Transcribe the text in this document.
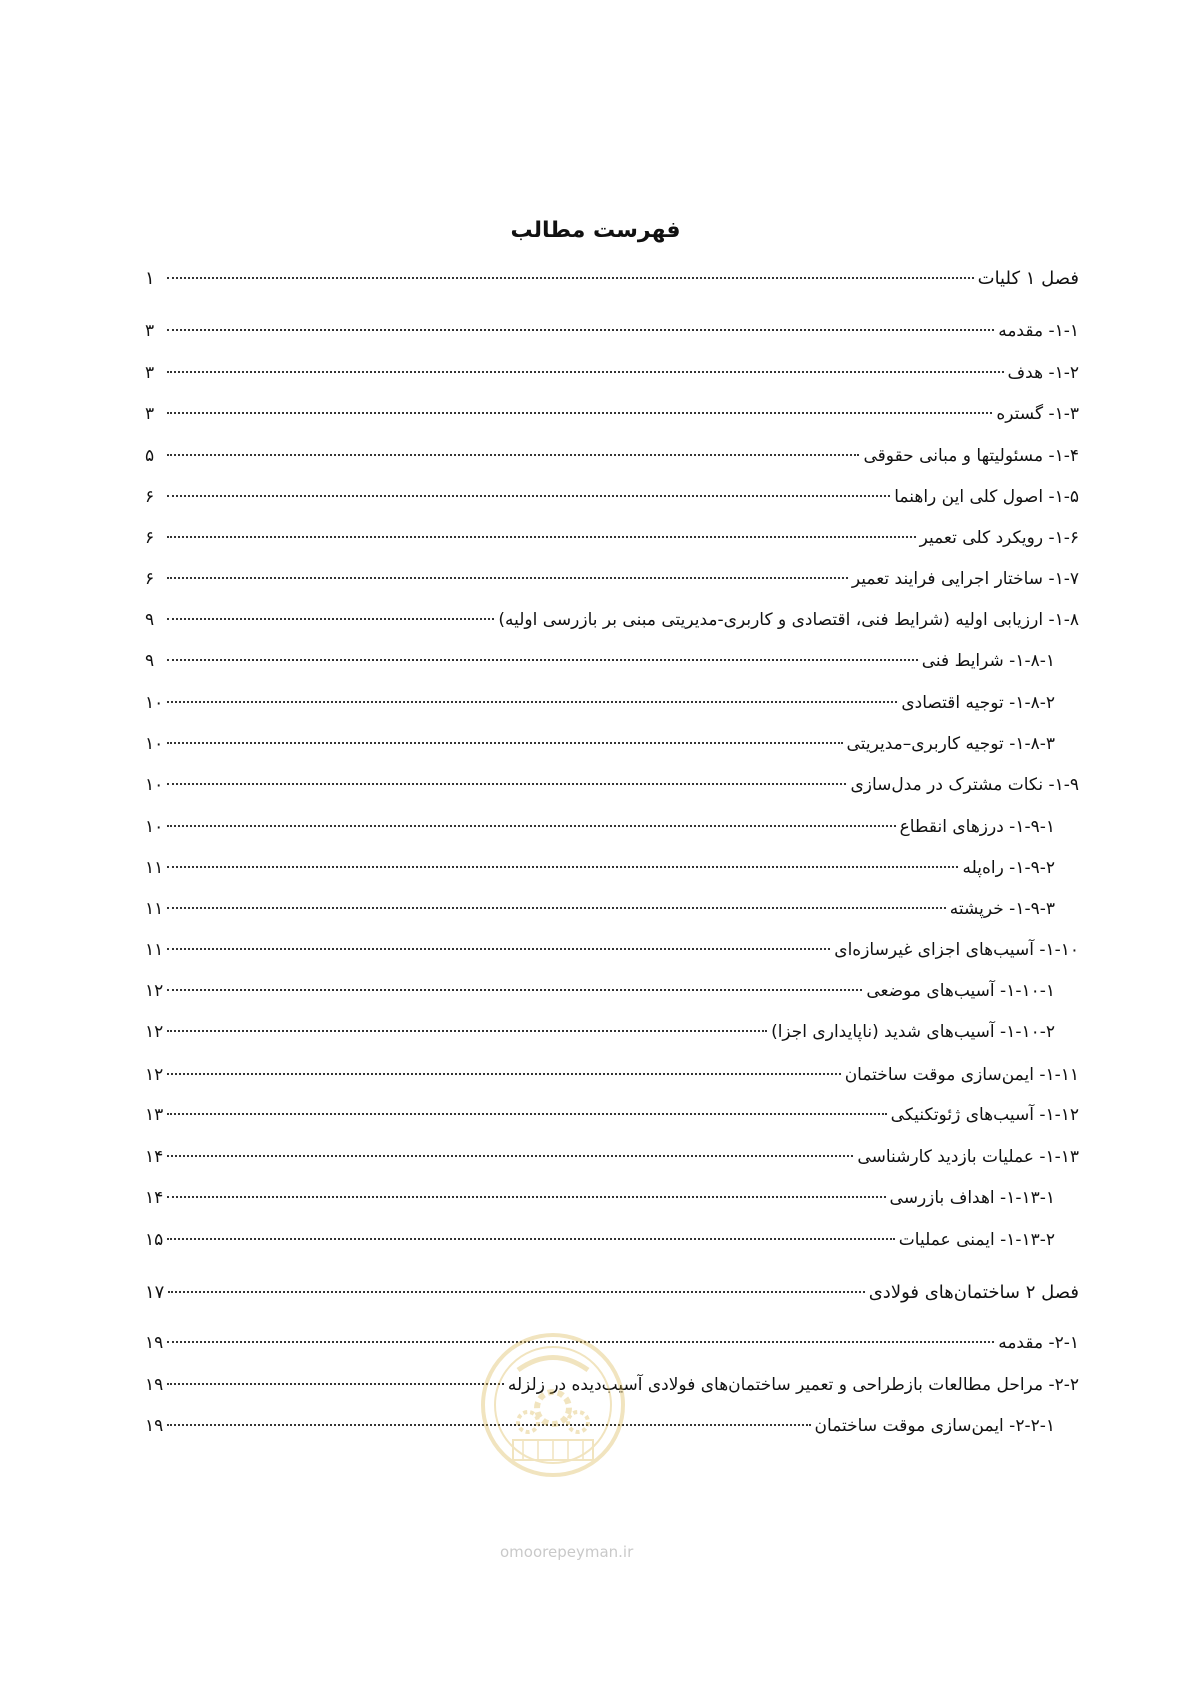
فهرست مطالب
فصل ۱ کلیات
۱
۱-۱- مقدمه
۳
۱-۲- هدف
۳
۱-۳- گستره
۳
۱-۴- مسئولیتها و مبانی حقوقی
۵
۱-۵- اصول کلی این راهنما
۶
۱-۶- رویکرد کلی تعمیر
۶
۱-۷- ساختار اجرایی فرایند تعمیر
۶
۱-۸- ارزیابی اولیه (شرایط فنی، اقتصادی و کاربری-مدیریتی مبنی بر بازرسی اولیه)
۹
۱-۸-۱- شرایط فنی
۹
۱-۸-۲- توجیه اقتصادی
۱۰
۱-۸-۳- توجیه کاربری–مدیریتی
۱۰
۱-۹- نکات مشترک در مدل‌سازی
۱۰
۱-۹-۱- درزهای انقطاع
۱۰
۱-۹-۲- راه‌پله
۱۱
۱-۹-۳- خرپشته
۱۱
۱-۱۰- آسیب‌های اجزای غیرسازه‌ای
۱۱
۱-۱۰-۱- آسیب‌های موضعی
۱۲
۱-۱۰-۲- آسیب‌های شدید (ناپایداری اجزا)
۱۲
۱-۱۱- ایمن‌سازی موقت ساختمان
۱۲
۱-۱۲- آسیب‌های ژئوتکنیکی
۱۳
۱-۱۳- عملیات بازدید کارشناسی
۱۴
۱-۱۳-۱- اهداف بازرسی
۱۴
۱-۱۳-۲- ایمنی عملیات
۱۵
فصل ۲ ساختمان‌های فولادی
۱۷
۲-۱- مقدمه
۱۹
۲-۲- مراحل مطالعات بازطراحی و تعمیر ساختمان‌های فولادی آسیب‌دیده در زلزله
۱۹
۲-۲-۱- ایمن‌سازی موقت ساختمان
۱۹
omoorepeyman.ir
